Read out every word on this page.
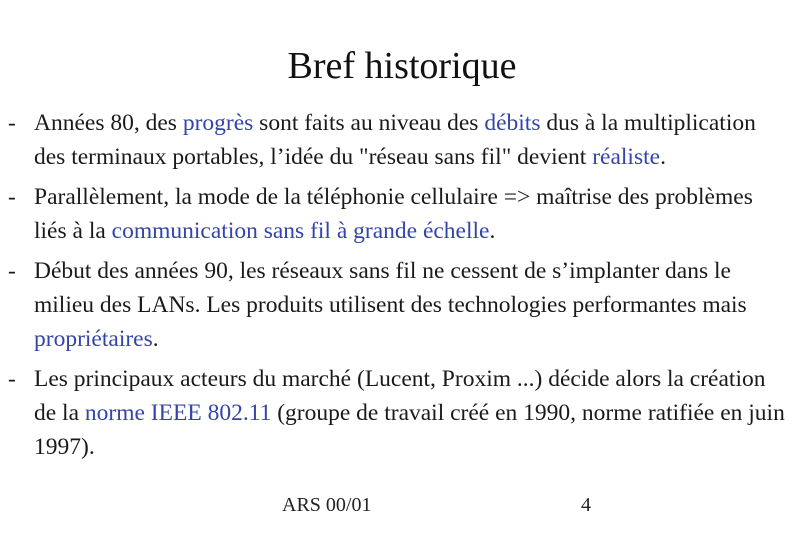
Bref historique
- Années 80, des progrès sont faits au niveau des débits dus à la multiplication des terminaux portables, l’idée du "réseau sans fil" devient réaliste.
- Parallèlement, la mode de la téléphonie cellulaire => maîtrise des problèmes liés à la communication sans fil à grande échelle.
- Début des années 90, les réseaux sans fil ne cessent de s’implanter dans le milieu des LANs. Les produits utilisent des technologies performantes mais propriétaires.
- Les principaux acteurs du marché (Lucent, Proxim ...) décide alors la création de la norme IEEE 802.11 (groupe de travail créé en 1990, norme ratifiée en juin 1997).
ARS 00/01	4
